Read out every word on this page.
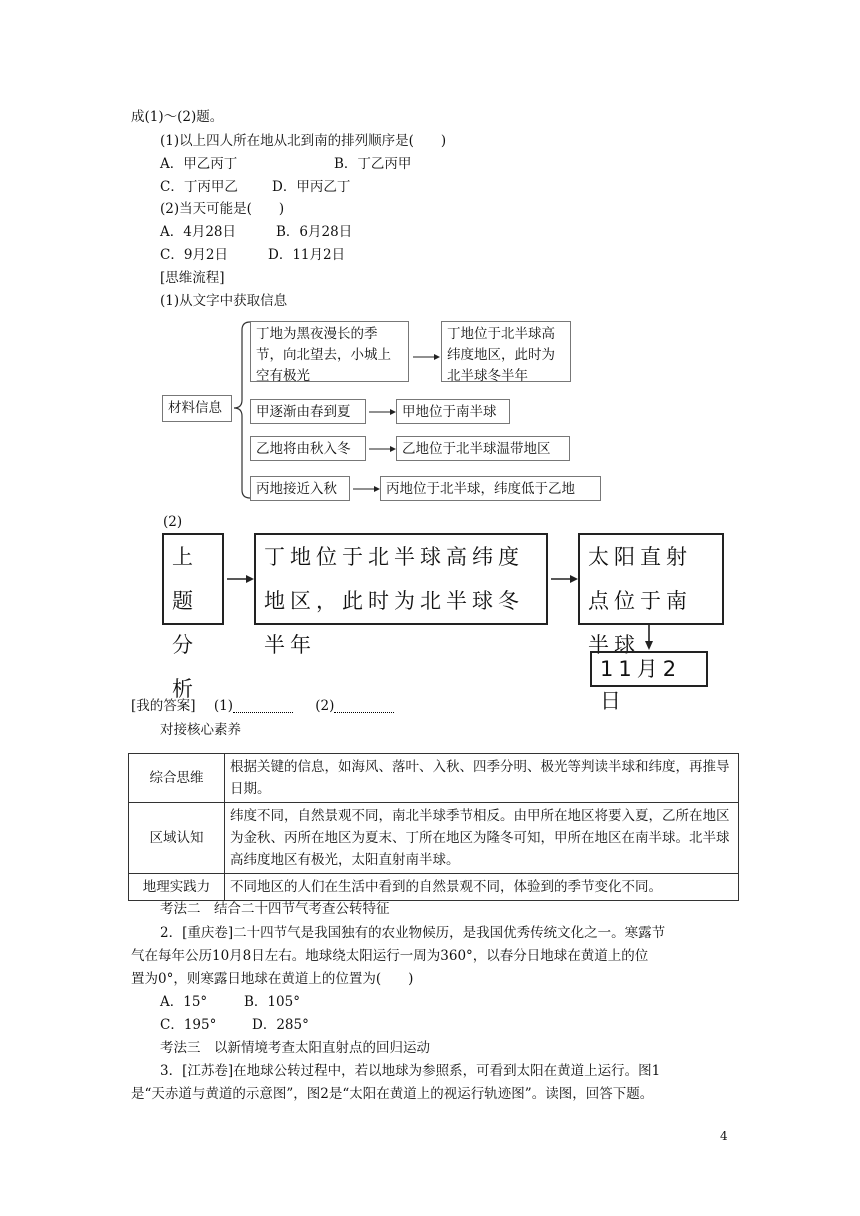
成(1)～(2)题。
(1)以上四人所在地从北到南的排列顺序是(　　)
A．甲乙丙丁	B．丁乙丙甲
C．丁丙甲乙	D．甲丙乙丁
(2)当天可能是(　　)
A．4月28日	B．6月28日
C．9月2日	D．11月2日
[思维流程]
(1)从文字中获取信息
材料信息
丁地为黑夜漫长的季节，向北望去，小城上空有极光
丁地位于北半球高纬度地区，此时为北半球冬半年
甲逐渐由春到夏	甲地位于南半球
乙地将由秋入冬	乙地位于北半球温带地区
丙地接近入秋	丙地位于北半球，纬度低于乙地
(2)
上题分析
丁地位于北半球高纬度地区，此时为北半球冬半年
太阳直射点位于南半球
11月2日
[我的答案] (1)	(2)
对接核心素养
综合思维	根据关键的信息，如海风、落叶、入秋、四季分明、极光等判读半球和纬度，再推导日期。
区域认知	纬度不同，自然景观不同，南北半球季节相反。由甲所在地区将要入夏，乙所在地区为金秋、丙所在地区为夏末、丁所在地区为隆冬可知，甲所在地区在南半球。北半球高纬度地区有极光，太阳直射南半球。
地理实践力	不同地区的人们在生活中看到的自然景观不同，体验到的季节变化不同。
考法二　结合二十四节气考查公转特征
2．[重庆卷]二十四节气是我国独有的农业物候历，是我国优秀传统文化之一。寒露节
气在每年公历10月8日左右。地球绕太阳运行一周为360°，以春分日地球在黄道上的位
置为0°，则寒露日地球在黄道上的位置为(　　)
A．15°	B．105°
C．195°	D．285°
考法三　以新情境考查太阳直射点的回归运动
3．[江苏卷]在地球公转过程中，若以地球为参照系，可看到太阳在黄道上运行。图1
是“天赤道与黄道的示意图”，图2是“太阳在黄道上的视运行轨迹图”。读图，回答下题。
4
